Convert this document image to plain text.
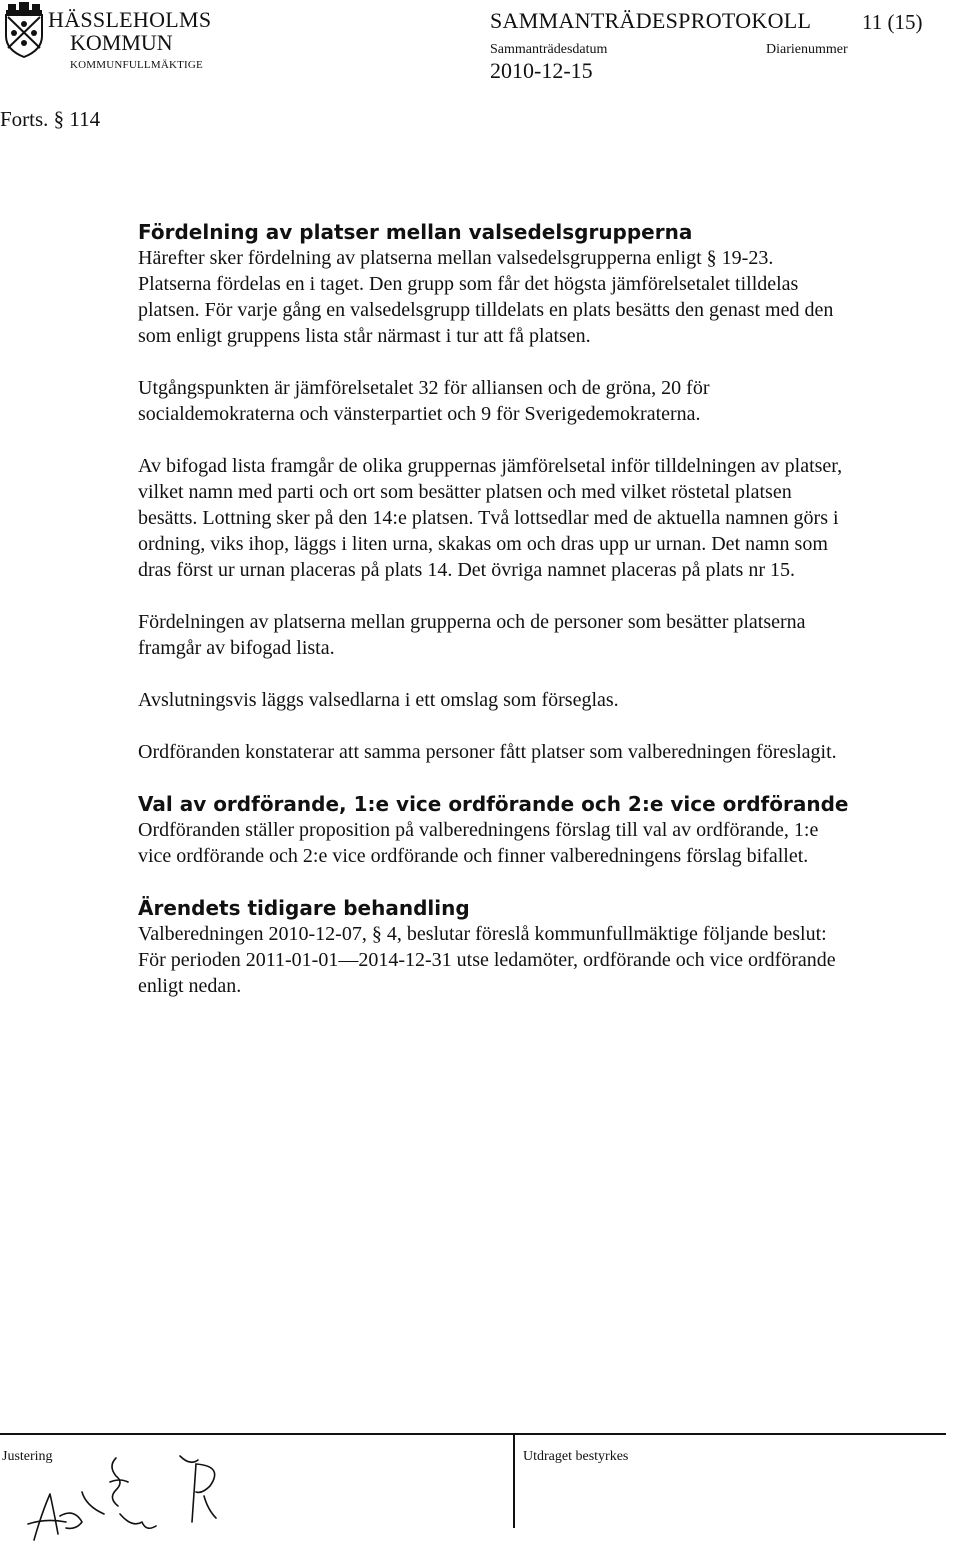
HÄSSLEHOLMS
KOMMUN
KOMMUNFULLMÄKTIGE
Forts. § 114
SAMMANTRÄDESPROTOKOLL 11 (15)
Sammanträdesdatum	Diarienummer
2010-12-15
Fördelning av platser mellan valsedelsgrupperna

Härefter sker fördelning av platserna mellan valsedelsgrupperna enligt § 19-23.
Platserna fördelas en i taget. Den grupp som får det högsta jämförelsetalet tilldelas
platsen. För varje gång en valsedelsgrupp tilldelats en plats besätts den genast med den
som enligt gruppens lista står närmast i tur att få platsen.

Utgångspunkten är jämförelsetalet 32 för alliansen och de gröna, 20 för
socialdemokraterna och vänsterpartiet och 9 för Sverigedemokraterna.

Av bifogad lista framgår de olika gruppernas jämförelsetal inför tilldelningen av platser,
vilket namn med parti och ort som besätter platsen och med vilket röstetal platsen
besätts. Lottning sker på den 14:e platsen. Två lottsedlar med de aktuella namnen görs i
ordning, viks ihop, läggs i liten urna, skakas om och dras upp ur urnan. Det namn som
dras först ur urnan placeras på plats 14. Det övriga namnet placeras på plats nr 15.

Fördelningen av platserna mellan grupperna och de personer som besätter platserna
framgår av bifogad lista.

Avslutningsvis läggs valsedlarna i ett omslag som förseglas.

Ordföranden konstaterar att samma personer fått platser som valberedningen föreslagit.

Val av ordförande, 1:e vice ordförande och 2:e vice ordförande

Ordföranden ställer proposition på valberedningens förslag till val av ordförande, 1:e
vice ordförande och 2:e vice ordförande och finner valberedningens förslag bifallet.

Ärendets tidigare behandling

Valberedningen 2010-12-07, § 4, beslutar föreslå kommunfullmäktige följande beslut:
För perioden 2011-01-01—2014-12-31 utse ledamöter, ordförande och vice ordförande
enligt nedan.

Justering	Utdraget bestyrkes
